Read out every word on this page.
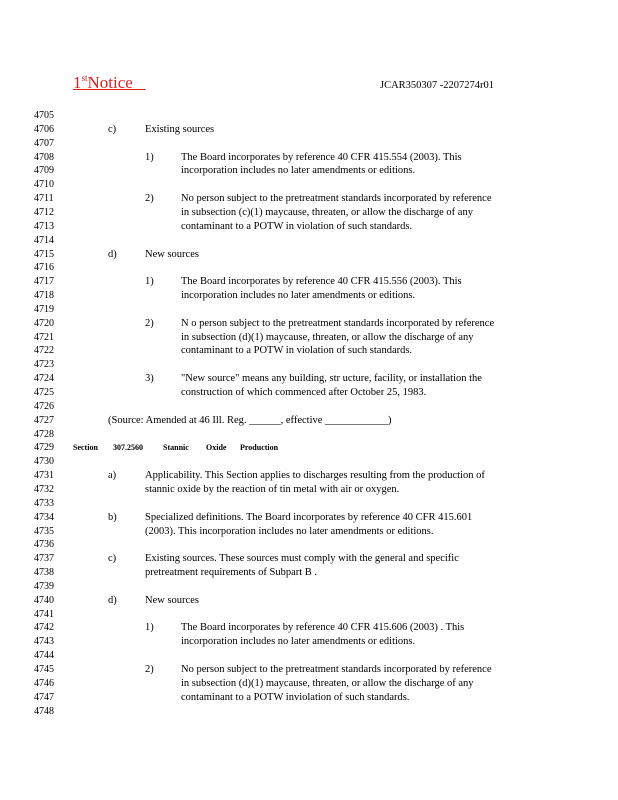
1stNotice	JCAR350307 -2207274r01
4705
4706	c)	Existing sources
4707
4708	1)	The Board incorporates by reference 40 CFR 415.554 (2003). This
4709	incorporation includes no later amendments or editions.
4710
4711	2)	No person subject to the pretreatment standards incorporated by reference
4712	in subsection (c)(1) maycause, threaten, or allow the discharge of any
4713	contaminant to a POTW in violation of such standards.
4714
4715	d)	New sources
4716
4717	1)	The Board incorporates by reference 40 CFR 415.556 (2003). This
4718	incorporation includes no later amendments or editions.
4719
4720	2)	N o person subject to the pretreatment standards incorporated by reference
4721	in subsection (d)(1) maycause, threaten, or allow the discharge of any
4722	contaminant to a POTW in violation of such standards.
4723
4724	3)	"New source" means any building, str ucture, facility, or installation the
4725	construction of which commenced after October 25, 1983.
4726
4727	(Source: Amended at 46 Ill. Reg. ______, effective ____________)
4728
4729 Section 307.2560	Stannic Oxide Production
4730
4731	a)	Applicability. This Section applies to discharges resulting from the production of
4732	stannic oxide by the reaction of tin metal with air or oxygen.
4733
4734	b)	Specialized definitions. The Board incorporates by reference 40 CFR 415.601
4735	(2003). This incorporation includes no later amendments or editions.
4736
4737	c)	Existing sources. These sources must comply with the general and specific
4738	pretreatment requirements of Subpart B .
4739
4740	d)	New sources
4741
4742	1)	The Board incorporates by reference 40 CFR 415.606 (2003) . This
4743	incorporation includes no later amendments or editions.
4744
4745	2)	No person subject to the pretreatment standards incorporated by reference
4746	in subsection (d)(1) maycause, threaten, or allow the discharge of any
4747	contaminant to a POTW inviolation of such standards.
4748
